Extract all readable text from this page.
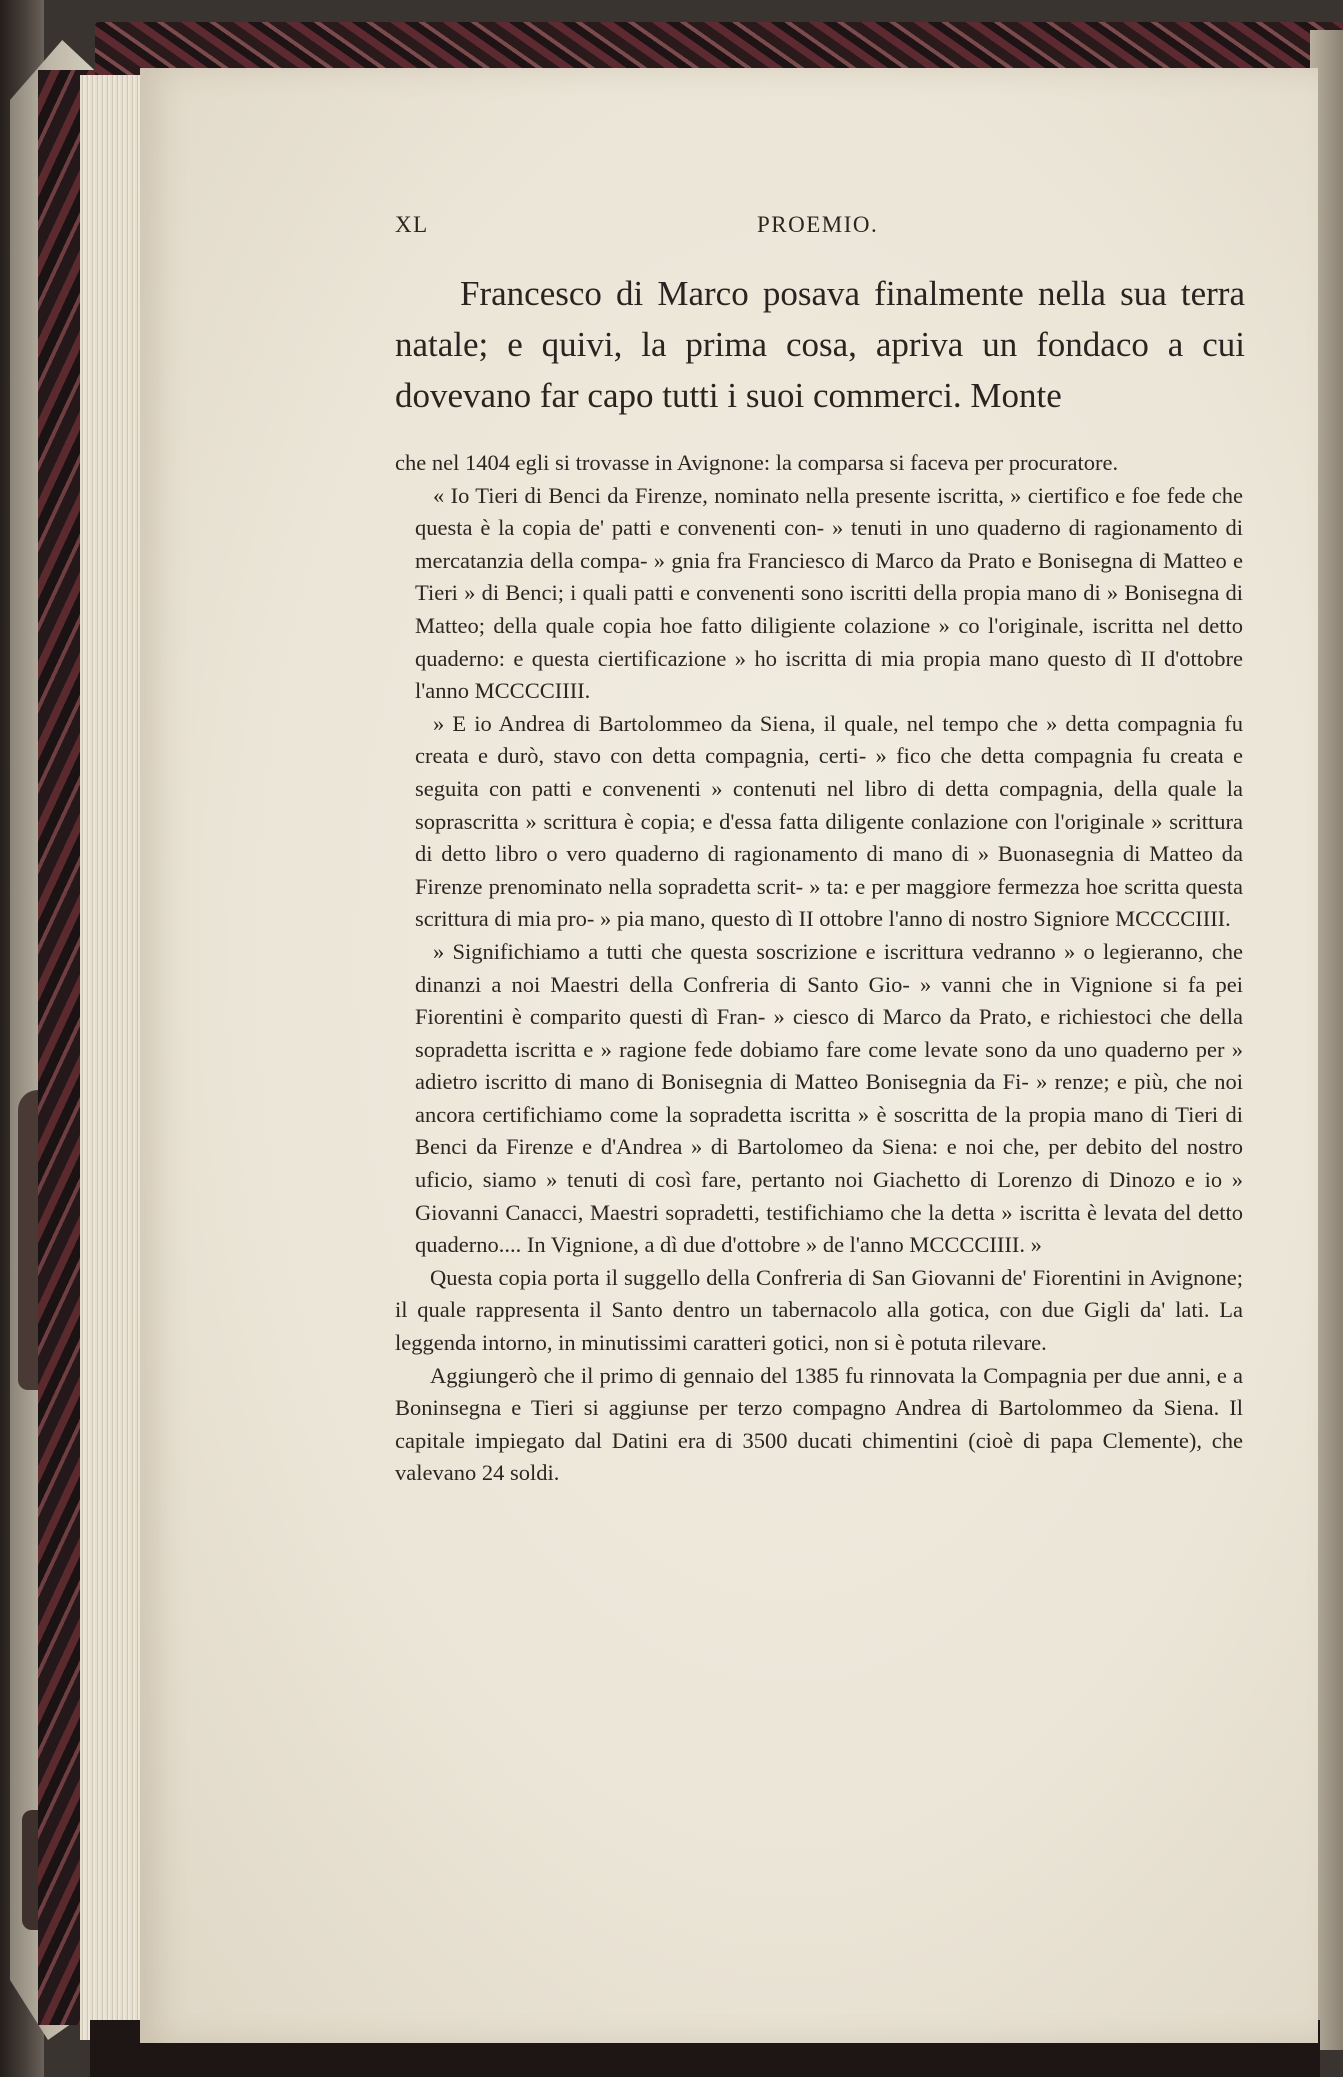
XL	PROEMIO.

Francesco di Marco posava finalmente nella sua terra natale; e quivi, la prima cosa, apriva un fondaco a cui dovevano far capo tutti i suoi commerci. Monte

che nel 1404 egli si trovasse in Avignone: la comparsa si faceva per procuratore.

« Io Tieri di Benci da Firenze, nominato nella presente iscritta, » ciertifico e foe fede che questa è la copia de' patti e convenenti con- » tenuti in uno quaderno di ragionamento di mercatanzia della compa- » gnia fra Franciesco di Marco da Prato e Bonisegna di Matteo e Tieri » di Benci; i quali patti e convenenti sono iscritti della propia mano di » Bonisegna di Matteo; della quale copia hoe fatto diligiente colazione » co l'originale, iscritta nel detto quaderno: e questa ciertificazione » ho iscritta di mia propia mano questo dì II d'ottobre l'anno MCCCCIIII.

» E io Andrea di Bartolommeo da Siena, il quale, nel tempo che » detta compagnia fu creata e durò, stavo con detta compagnia, certi- » fico che detta compagnia fu creata e seguita con patti e convenenti » contenuti nel libro di detta compagnia, della quale la soprascritta » scrittura è copia; e d'essa fatta diligente conlazione con l'originale » scrittura di detto libro o vero quaderno di ragionamento di mano di » Buonasegnia di Matteo da Firenze prenominato nella sopradetta scrit- » ta: e per maggiore fermezza hoe scritta questa scrittura di mia pro- » pia mano, questo dì II ottobre l'anno di nostro Signiore MCCCCIIII.

» Significhiamo a tutti che questa soscrizione e iscrittura vedranno » o legieranno, che dinanzi a noi Maestri della Confreria di Santo Gio- » vanni che in Vignione si fa pei Fiorentini è comparito questi dì Fran- » ciesco di Marco da Prato, e richiestoci che della sopradetta iscritta e » ragione fede dobiamo fare come levate sono da uno quaderno per » adietro iscritto di mano di Bonisegnia di Matteo Bonisegnia da Fi- » renze; e più, che noi ancora certifichiamo come la sopradetta iscritta » è soscritta de la propia mano di Tieri di Benci da Firenze e d'Andrea » di Bartolomeo da Siena: e noi che, per debito del nostro uficio, siamo » tenuti di così fare, pertanto noi Giachetto di Lorenzo di Dinozo e io » Giovanni Canacci, Maestri sopradetti, testifichiamo che la detta » iscritta è levata del detto quaderno.... In Vignione, a dì due d'ottobre » de l'anno MCCCCIIII. »

Questa copia porta il suggello della Confreria di San Giovanni de' Fiorentini in Avignone; il quale rappresenta il Santo dentro un tabernacolo alla gotica, con due Gigli da' lati. La leggenda intorno, in minutissimi caratteri gotici, non si è potuta rilevare.

Aggiungerò che il primo di gennaio del 1385 fu rinnovata la Compagnia per due anni, e a Boninsegna e Tieri si aggiunse per terzo compagno Andrea di Bartolommeo da Siena. Il capitale impiegato dal Datini era di 3500 ducati chimentini (cioè di papa Clemente), che valevano 24 soldi.
